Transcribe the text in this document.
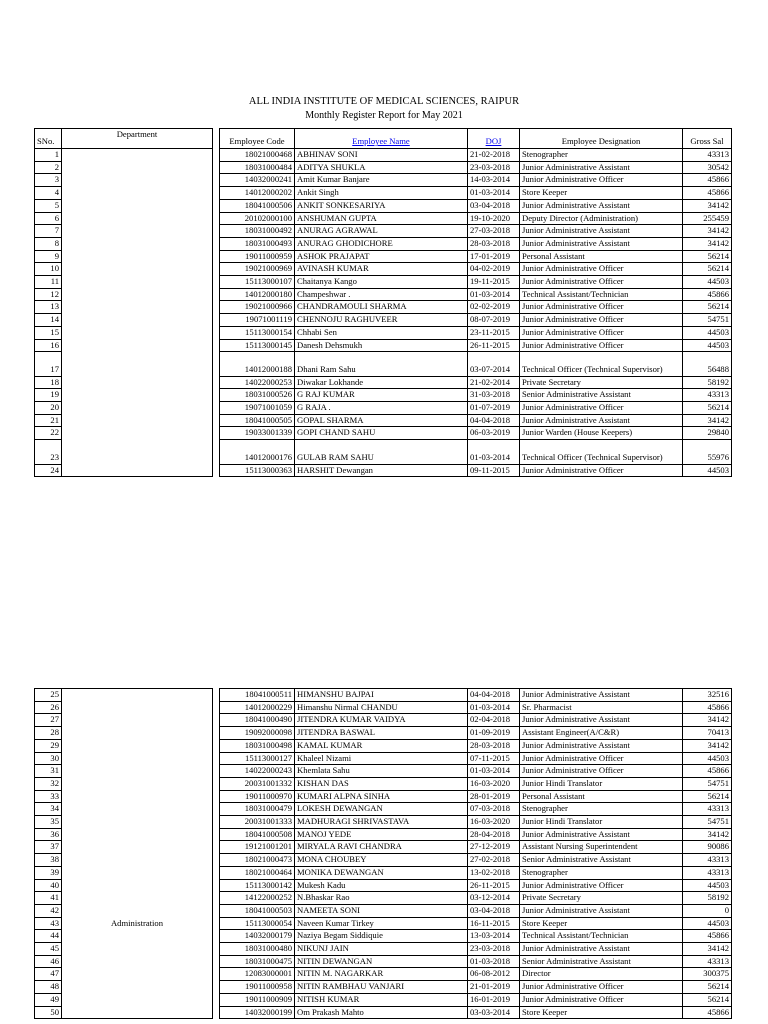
ALL INDIA INSTITUTE OF MEDICAL SCIENCES, RAIPUR
Monthly Register Report for May 2021
SNo.	Department		Employee Code	Employee Name	DOJ	Employee Designation	Gross Sal
1			18021000468	ABHINAV SONI	21-02-2018	Stenographer	43313
2			18031000484	ADITYA SHUKLA	23-03-2018	Junior Administrative Assistant	30542
3			14032000241	Amit Kumar Banjare	14-03-2014	Junior Administrative Officer	45866
4			14012000202	Ankit Singh	01-03-2014	Store Keeper	45866
5			18041000506	ANKIT SONKESARIYA	03-04-2018	Junior Administrative Assistant	34142
6			20102000100	ANSHUMAN GUPTA	19-10-2020	Deputy Director (Administration)	255459
7			18031000492	ANURAG AGRAWAL	27-03-2018	Junior Administrative Assistant	34142
8			18031000493	ANURAG GHODICHORE	28-03-2018	Junior Administrative Assistant	34142
9			19011000959	ASHOK PRAJAPAT	17-01-2019	Personal Assistant	56214
10			19021000969	AVINASH KUMAR	04-02-2019	Junior Administrative Officer	56214
11			15113000107	Chaitanya Kango	19-11-2015	Junior Administrative Officer	44503
12			14012000180	Champeshwar .	01-03-2014	Technical Assistant/Technician	45866
13			19021000966	CHANDRAMOULI SHARMA	02-02-2019	Junior Administrative Officer	56214
14			19071001119	CHENNOJU RAGHUVEER	08-07-2019	Junior Administrative Officer	54751
15			15113000154	Chhabi Sen	23-11-2015	Junior Administrative Officer	44503
16			15113000145	Danesh Dehsmukh	26-11-2015	Junior Administrative Officer	44503
17			14012000188	Dhani Ram Sahu	03-07-2014	Technical Officer (Technical Supervisor)	56488
18			14022000253	Diwakar Lokhande	21-02-2014	Private Secretary	58192
19			18031000526	G RAJ KUMAR	31-03-2018	Senior Administrative Assistant	43313
20			19071001059	G RAJA .	01-07-2019	Junior Administrative Officer	56214
21			18041000505	GOPAL SHARMA	04-04-2018	Junior Administrative Assistant	34142
22			19033001339	GOPI CHAND SAHU	06-03-2019	Junior Warden (House Keepers)	29840
23			14012000176	GULAB RAM SAHU	01-03-2014	Technical Officer (Technical Supervisor)	55976
24			15113000363	HARSHIT Dewangan	09-11-2015	Junior Administrative Officer	44503
25			18041000511	HIMANSHU BAJPAI	04-04-2018	Junior Administrative Assistant	32516
26			14012000229	Himanshu Nirmal CHANDU	01-03-2014	Sr. Pharmacist	45866
27			18041000490	JITENDRA KUMAR VAIDYA	02-04-2018	Junior Administrative Assistant	34142
28			19092000098	JITENDRA BASWAL	01-09-2019	Assistant Engineer(A/C&R)	70413
29			18031000498	KAMAL KUMAR	28-03-2018	Junior Administrative Assistant	34142
30			15113000127	Khaleel Nizami	07-11-2015	Junior Administrative Officer	44503
31			14022000243	Khemlata Sahu	01-03-2014	Junior Administrative Officer	45866
32			20031001332	KISHAN DAS	16-03-2020	Junior Hindi Translator	54751
33			19011000970	KUMARI ALPNA SINHA	28-01-2019	Personal Assistant	56214
34			18031000479	LOKESH DEWANGAN	07-03-2018	Stenographer	43313
35			20031001333	MADHURAGI SHRIVASTAVA	16-03-2020	Junior Hindi Translator	54751
36			18041000508	MANOJ YEDE	28-04-2018	Junior Administrative Assistant	34142
37			19121001201	MIRYALA RAVI CHANDRA	27-12-2019	Assistant Nursing Superintendent	90086
38			18021000473	MONA CHOUBEY	27-02-2018	Senior Administrative Assistant	43313
39			18021000464	MONIKA DEWANGAN	13-02-2018	Stenographer	43313
40			15113000142	Mukesh Kadu	26-11-2015	Junior Administrative Officer	44503
41			14122000252	N.Bhaskar Rao	03-12-2014	Private Secretary	58192
42			18041000503	NAMEETA SONI	03-04-2018	Junior Administrative Assistant	0
43	Administration		15113000054	Naveen Kumar Tirkey	16-11-2015	Store Keeper	44503
44			14032000179	Naziya Begam Siddiquie	13-03-2014	Technical Assistant/Technician	45866
45			18031000480	NIKUNJ JAIN	23-03-2018	Junior Administrative Assistant	34142
46			18031000475	NITIN DEWANGAN	01-03-2018	Senior Administrative Assistant	43313
47			12083000001	NITIN M. NAGARKAR	06-08-2012	Director	300375
48			19011000958	NITIN RAMBHAU VANJARI	21-01-2019	Junior Administrative Officer	56214
49			19011000909	NITISH KUMAR	16-01-2019	Junior Administrative Officer	56214
50			14032000199	Om Prakash Mahto	03-03-2014	Store Keeper	45866
